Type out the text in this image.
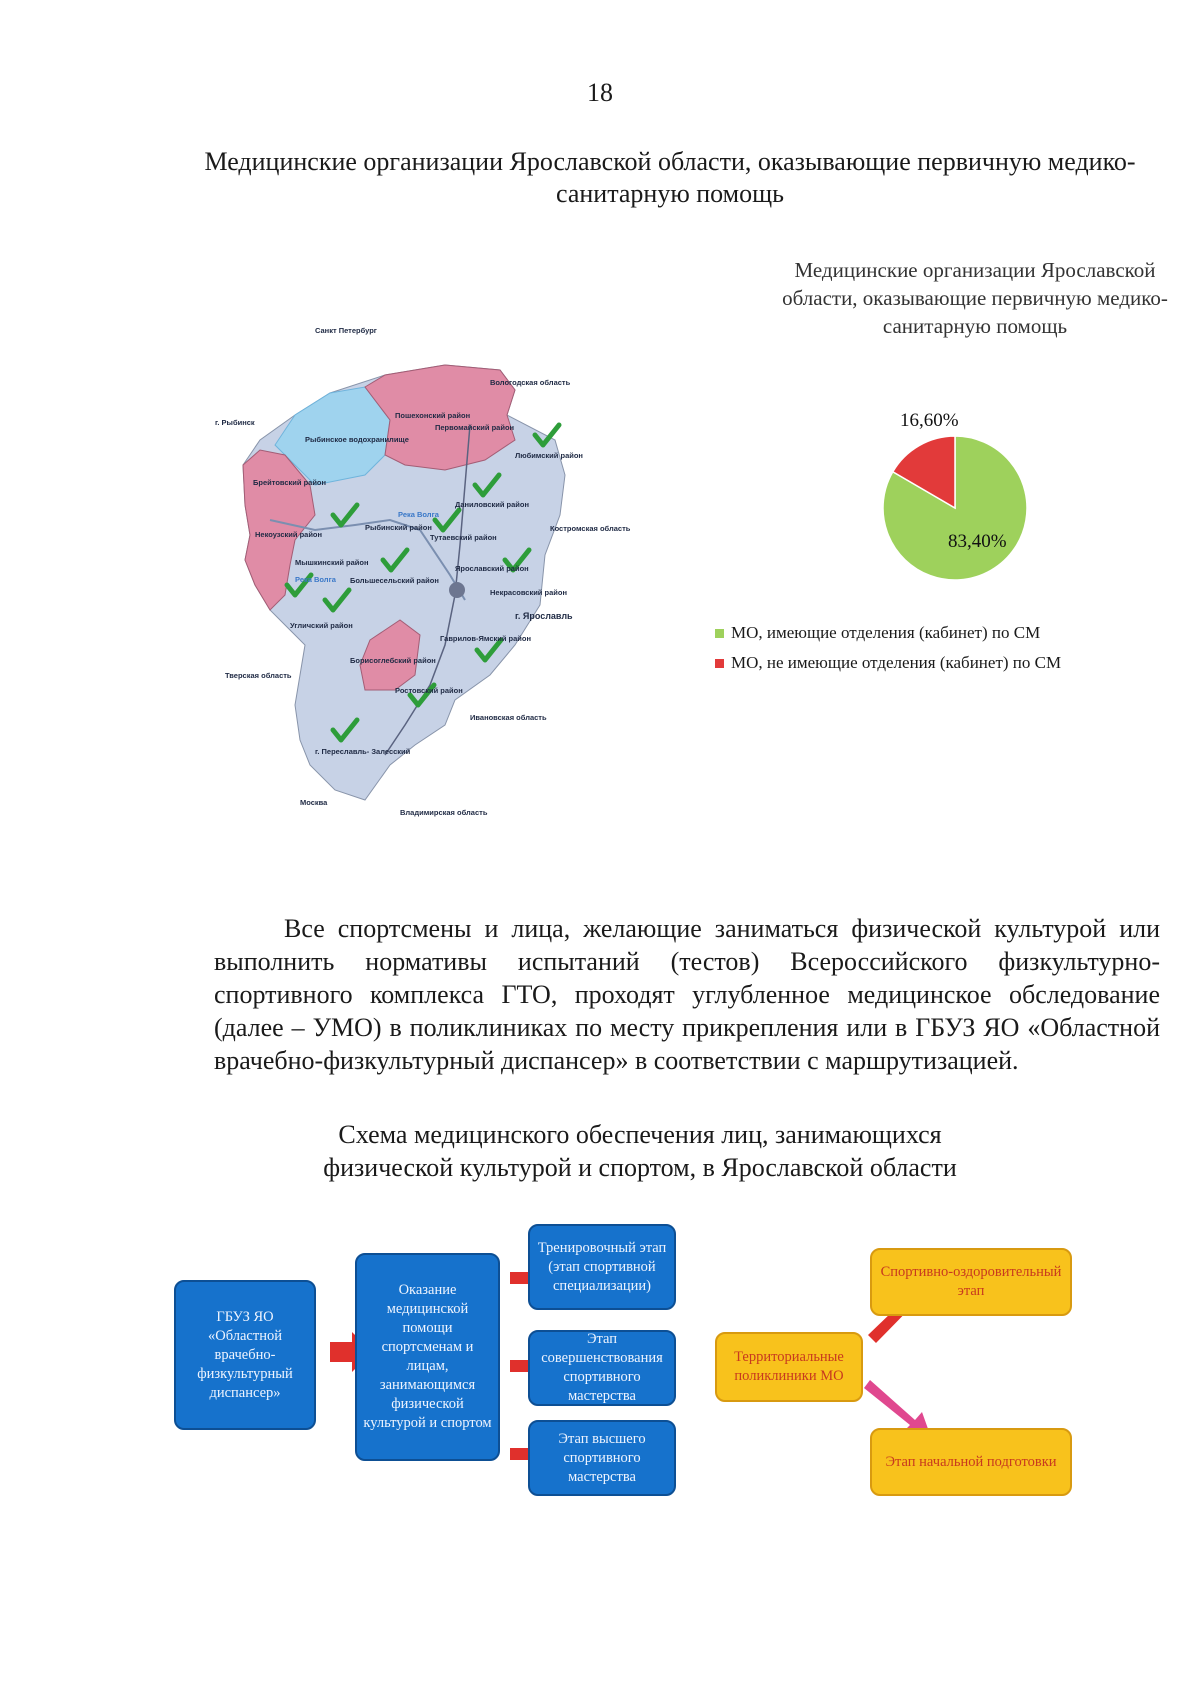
18
Медицинские организации Ярославской области, оказывающие первичную медико-санитарную помощь
Санкт Петербург
Вологодская область
г. Рыбинск
Рыбинское водохранилище
Пошехонский район
Первомайский район
Любимский район
Брейтовский район
Даниловский район
Костромская область
Некоузский район
Рыбинский район
Река Волга
Тутаевский район
Мышкинский район
Река Волга Большесельский район
Ярославский район
Некрасовский район
г. Ярославль
Угличский район
Гаврилов-Ямский район
Тверская область
Борисоглебский район
Ростовский район
Ивановская область
г. Переславль- Залесский
Москва
Владимирская область
Медицинские организации Ярославской области, оказывающие первичную медико-санитарную помощь
83,40%
16,60%
МО, имеющие отделения (кабинет) по СМ
МО, не имеющие отделения (кабинет) по СМ

Все спортсмены и лица, желающие заниматься физической культурой или выполнить нормативы испытаний (тестов) Всероссийского физкультурно-спортивного комплекса ГТО, проходят углубленное медицинское обследование (далее – УМО) в поликлиниках по месту прикрепления или в ГБУЗ ЯО «Областной врачебно-физкультурный диспансер» в соответствии с маршрутизацией.

Схема медицинского обеспечения лиц, занимающихся физической культурой и спортом, в Ярославской области
ГБУЗ ЯО «Областной врачебно-физкультурный диспансер»
Оказание медицинской помощи спортсменам и лицам, занимающимся физической культурой и спортом
Тренировочный этап (этап спортивной специализации)
Этап совершенствования спортивного мастерства
Этап высшего спортивного мастерства
Территориальные поликлиники МО
Спортивно-оздоровительный этап
Этап начальной подготовки
